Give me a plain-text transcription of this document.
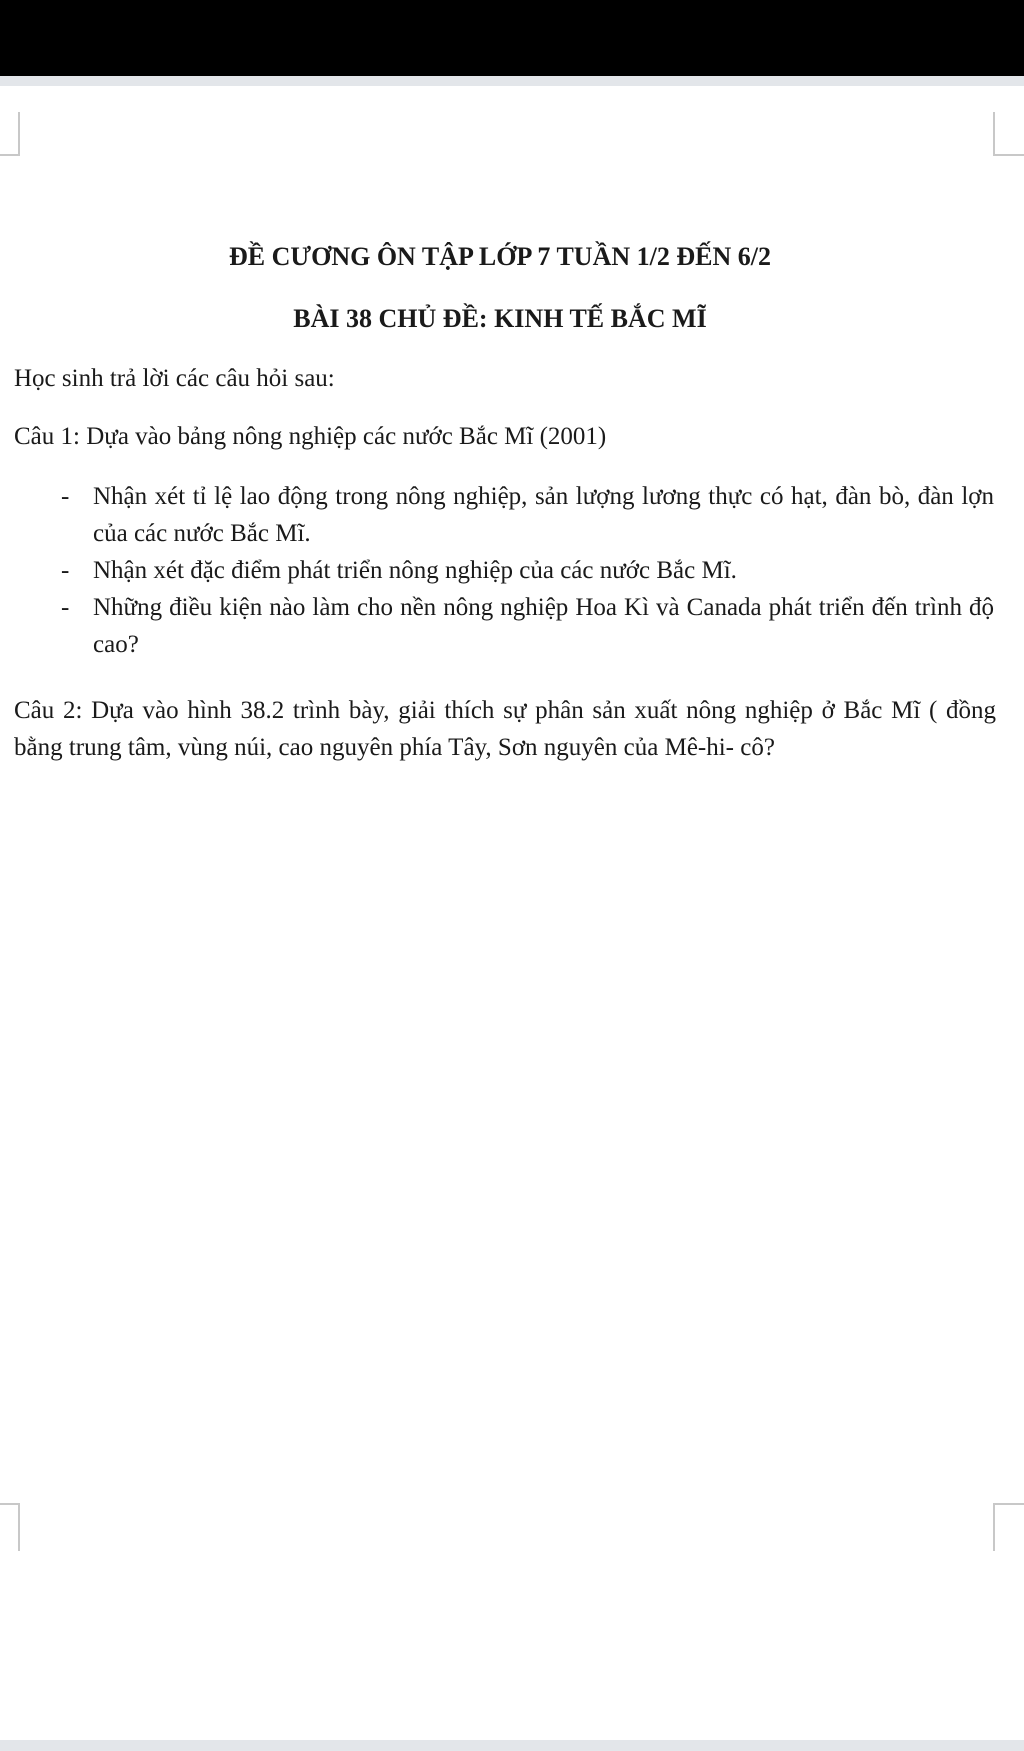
ĐỀ CƯƠNG ÔN TẬP LỚP 7 TUẦN 1/2 ĐẾN 6/2
BÀI 38 CHỦ ĐỀ: KINH TẾ BẮC MĨ
Học sinh trả lời các câu hỏi sau:
Câu 1: Dựa vào bảng nông nghiệp các nước Bắc Mĩ (2001)
- Nhận xét tỉ lệ lao động trong nông nghiệp, sản lượng lương thực có hạt, đàn bò, đàn lợn của các nước Bắc Mĩ.
- Nhận xét đặc điểm phát triển nông nghiệp của các nước Bắc Mĩ.
- Những điều kiện nào làm cho nền nông nghiệp Hoa Kì và Canada phát triển đến trình độ cao?
Câu 2: Dựa vào hình 38.2 trình bày, giải thích sự phân sản xuất nông nghiệp ở Bắc Mĩ ( đồng bằng trung tâm, vùng núi, cao nguyên phía Tây, Sơn nguyên của Mê-hi- cô?
